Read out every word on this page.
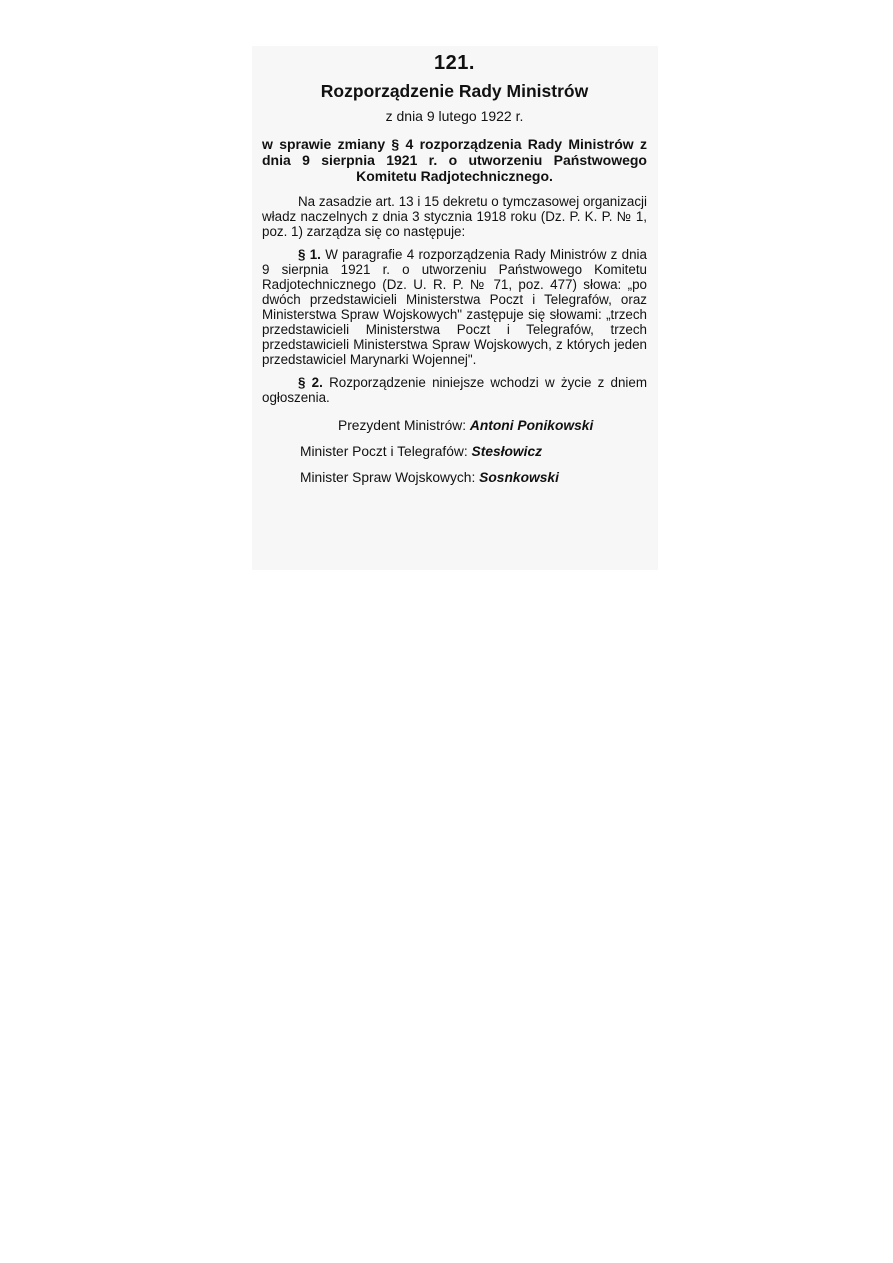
121.

Rozporządzenie Rady Ministrów

z dnia 9 lutego 1922 r.

w sprawie zmiany § 4 rozporządzenia Rady Ministrów z dnia 9 sierpnia 1921 r. o utworzeniu Państwowego Komitetu Radjotechnicznego.

Na zasadzie art. 13 i 15 dekretu o tymczasowej organizacji władz naczelnych z dnia 3 stycznia 1918 roku (Dz. P. K. P. № 1, poz. 1) zarządza się co następuje:

§ 1. W paragrafie 4 rozporządzenia Rady Ministrów z dnia 9 sierpnia 1921 r. o utworzeniu Państwowego Komitetu Radjotechnicznego (Dz. U. R. P. № 71, poz. 477) słowa: „po dwóch przedstawicieli Ministerstwa Poczt i Telegrafów, oraz Ministerstwa Spraw Wojskowych" zastępuje się słowami: „trzech przedstawicieli Ministerstwa Poczt i Telegrafów, trzech przedstawicieli Ministerstwa Spraw Wojskowych, z których jeden przedstawiciel Marynarki Wojennej".

§ 2. Rozporządzenie niniejsze wchodzi w życie z dniem ogłoszenia.

Prezydent Ministrów: Antoni Ponikowski

Minister Poczt i Telegrafów: Stesłowicz

Minister Spraw Wojskowych: Sosnkowski
